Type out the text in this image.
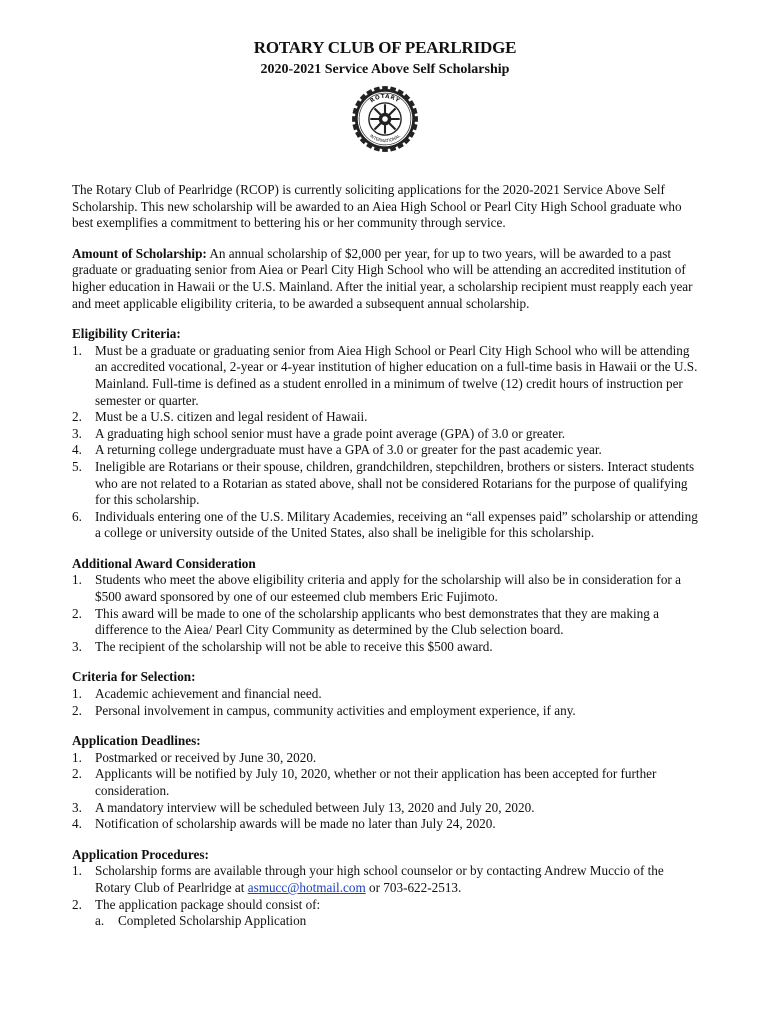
ROTARY CLUB OF PEARLRIDGE
2020-2021 Service Above Self Scholarship
ROTARY
INTERNATIONAL

The Rotary Club of Pearlridge (RCOP) is currently soliciting applications for the 2020-2021 Service Above Self Scholarship. This new scholarship will be awarded to an Aiea High School or Pearl City High School graduate who best exemplifies a commitment to bettering his or her community through service.

Amount of Scholarship: An annual scholarship of $2,000 per year, for up to two years, will be awarded to a past graduate or graduating senior from Aiea or Pearl City High School who will be attending an accredited institution of higher education in Hawaii or the U.S. Mainland. After the initial year, a scholarship recipient must reapply each year and meet applicable eligibility criteria, to be awarded a subsequent annual scholarship.

Eligibility Criteria:
1. Must be a graduate or graduating senior from Aiea High School or Pearl City High School who will be attending an accredited vocational, 2-year or 4-year institution of higher education on a full-time basis in Hawaii or the U.S. Mainland. Full-time is defined as a student enrolled in a minimum of twelve (12) credit hours of instruction per semester or quarter.
2. Must be a U.S. citizen and legal resident of Hawaii.
3. A graduating high school senior must have a grade point average (GPA) of 3.0 or greater.
4. A returning college undergraduate must have a GPA of 3.0 or greater for the past academic year.
5. Ineligible are Rotarians or their spouse, children, grandchildren, stepchildren, brothers or sisters. Interact students who are not related to a Rotarian as stated above, shall not be considered Rotarians for the purpose of qualifying for this scholarship.
6. Individuals entering one of the U.S. Military Academies, receiving an “all expenses paid” scholarship or attending a college or university outside of the United States, also shall be ineligible for this scholarship.
Additional Award Consideration
1. Students who meet the above eligibility criteria and apply for the scholarship will also be in consideration for a $500 award sponsored by one of our esteemed club members Eric Fujimoto.
2. This award will be made to one of the scholarship applicants who best demonstrates that they are making a difference to the Aiea/ Pearl City Community as determined by the Club selection board.
3. The recipient of the scholarship will not be able to receive this $500 award.
Criteria for Selection:
1. Academic achievement and financial need.
2. Personal involvement in campus, community activities and employment experience, if any.
Application Deadlines:
1. Postmarked or received by June 30, 2020.
2. Applicants will be notified by July 10, 2020, whether or not their application has been accepted for further consideration.
3. A mandatory interview will be scheduled between July 13, 2020 and July 20, 2020.
4. Notification of scholarship awards will be made no later than July 24, 2020.
Application Procedures:
1. Scholarship forms are available through your high school counselor or by contacting Andrew Muccio of the Rotary Club of Pearlridge at asmucc@hotmail.com or 703-622-2513.
2. The application package should consist of:
a. Completed Scholarship Application
